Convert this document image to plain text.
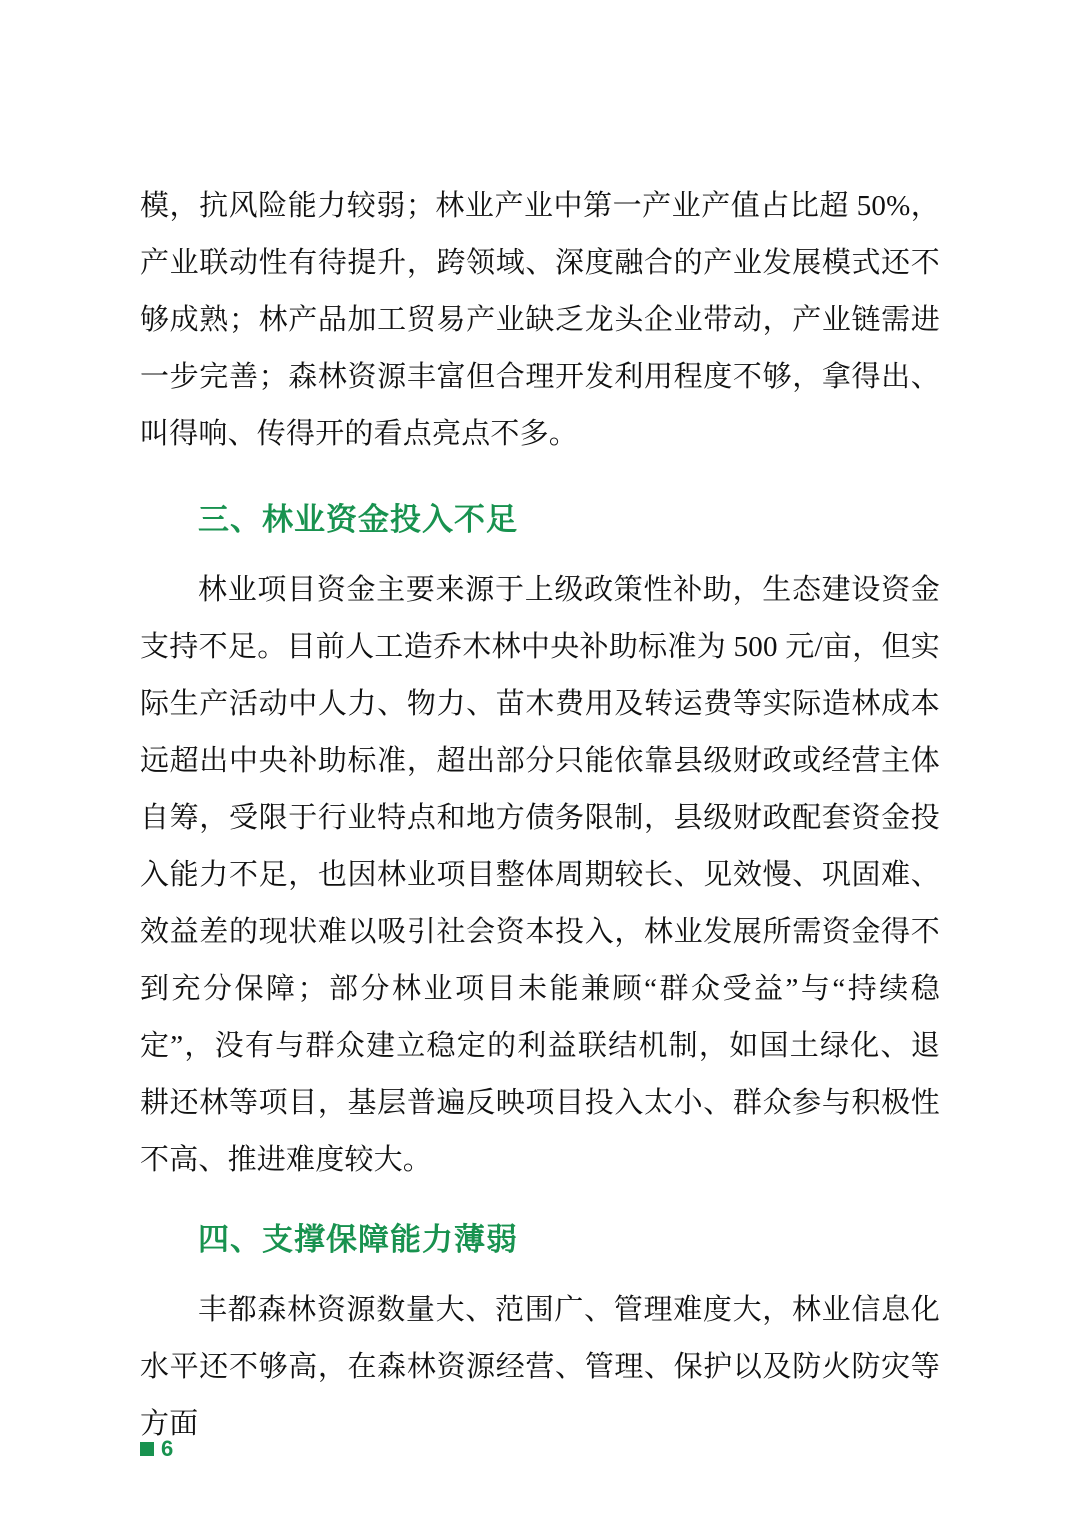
模，抗风险能力较弱；林业产业中第一产业产值占比超 50%，产业联动性有待提升，跨领域、深度融合的产业发展模式还不够成熟；林产品加工贸易产业缺乏龙头企业带动，产业链需进一步完善；森林资源丰富但合理开发利用程度不够，拿得出、叫得响、传得开的看点亮点不多。

三、林业资金投入不足

林业项目资金主要来源于上级政策性补助，生态建设资金支持不足。目前人工造乔木林中央补助标准为 500 元/亩，但实际生产活动中人力、物力、苗木费用及转运费等实际造林成本远超出中央补助标准，超出部分只能依靠县级财政或经营主体自筹，受限于行业特点和地方债务限制，县级财政配套资金投入能力不足，也因林业项目整体周期较长、见效慢、巩固难、效益差的现状难以吸引社会资本投入，林业发展所需资金得不到充分保障；部分林业项目未能兼顾“群众受益”与“持续稳定”，没有与群众建立稳定的利益联结机制，如国土绿化、退耕还林等项目，基层普遍反映项目投入太小、群众参与积极性不高、推进难度较大。

四、支撑保障能力薄弱

丰都森林资源数量大、范围广、管理难度大，林业信息化水平还不够高，在森林资源经营、管理、保护以及防火防灾等方面

6
